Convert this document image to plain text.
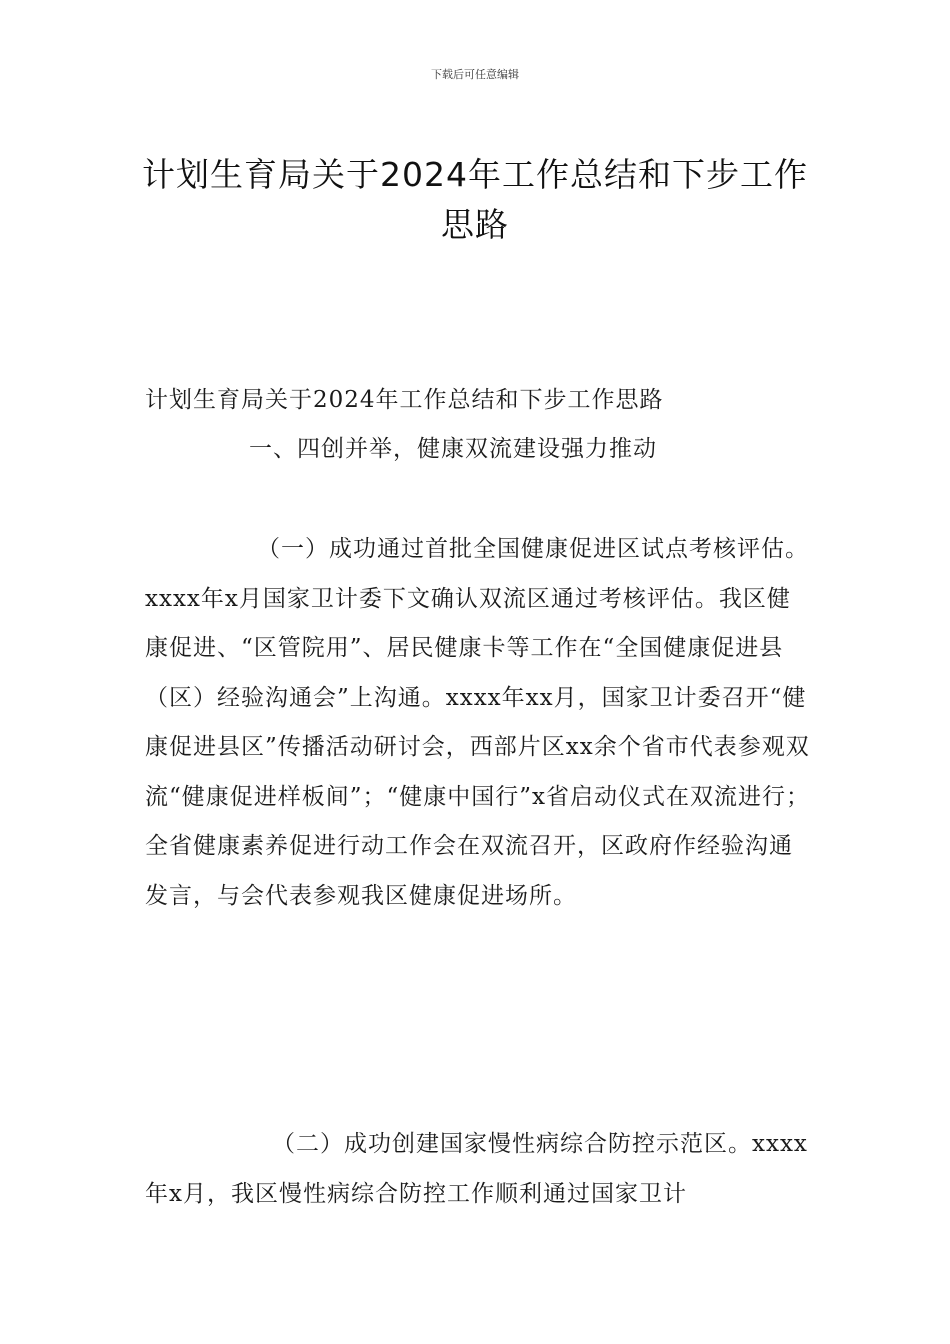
下载后可任意编辑
计划生育局关于2024年工作总结和下步工作思路
计划生育局关于2024年工作总结和下步工作思路
一、四创并举，健康双流建设强力推动
（一）成功通过首批全国健康促进区试点考核评估。xxxx年x月国家卫计委下文确认双流区通过考核评估。我区健康促进、“区管院用”、居民健康卡等工作在“全国健康促进县（区）经验沟通会”上沟通。xxxx年xx月，国家卫计委召开“健康促进县区”传播活动研讨会，西部片区xx余个省市代表参观双流“健康促进样板间”；“健康中国行”x省启动仪式在双流进行；全省健康素养促进行动工作会在双流召开，区政府作经验沟通发言，与会代表参观我区健康促进场所。
（二）成功创建国家慢性病综合防控示范区。xxxx年x月，我区慢性病综合防控工作顺利通过国家卫计
